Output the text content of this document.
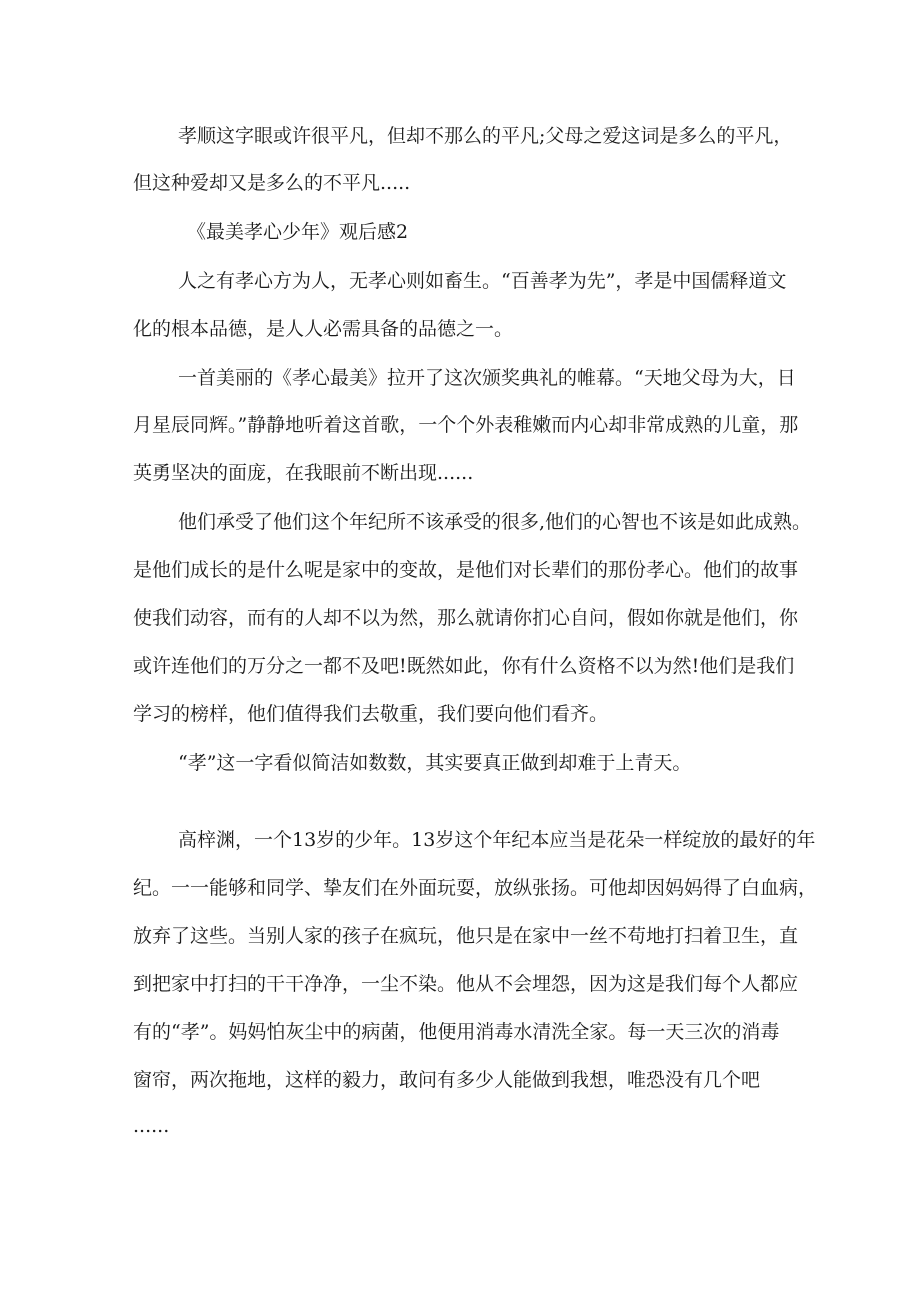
孝顺这字眼或许很平凡，但却不那么的平凡;父母之爱这词是多么的平凡，
但这种爱却又是多么的不平凡.....
《最美孝心少年》观后感2
人之有孝心方为人，无孝心则如畜生。“百善孝为先”，孝是中国儒释道文
化的根本品德，是人人必需具备的品德之一。
一首美丽的《孝心最美》拉开了这次颁奖典礼的帷幕。“天地父母为大，日
月星辰同辉。”静静地听着这首歌，一个个外表稚嫩而内心却非常成熟的儿童，那
英勇坚决的面庞，在我眼前不断出现......
他们承受了他们这个年纪所不该承受的很多,他们的心智也不该是如此成熟。
是他们成长的是什么呢是家中的变故，是他们对长辈们的那份孝心。他们的故事
使我们动容，而有的人却不以为然，那么就请你扪心自问，假如你就是他们，你
或许连他们的万分之一都不及吧!既然如此，你有什么资格不以为然!他们是我们
学习的榜样，他们值得我们去敬重，我们要向他们看齐。
“孝”这一字看似简洁如数数，其实要真正做到却难于上青天。
高梓渊，一个13岁的少年。13岁这个年纪本应当是花朵一样绽放的最好的年
纪。一一能够和同学、挚友们在外面玩耍，放纵张扬。可他却因妈妈得了白血病，
放弃了这些。当别人家的孩子在疯玩，他只是在家中一丝不苟地打扫着卫生，直
到把家中打扫的干干净净，一尘不染。他从不会埋怨，因为这是我们每个人都应
有的“孝”。妈妈怕灰尘中的病菌，他便用消毒水清洗全家。每一天三次的消毒
窗帘，两次拖地，这样的毅力，敢问有多少人能做到我想，唯恐没有几个吧
......
